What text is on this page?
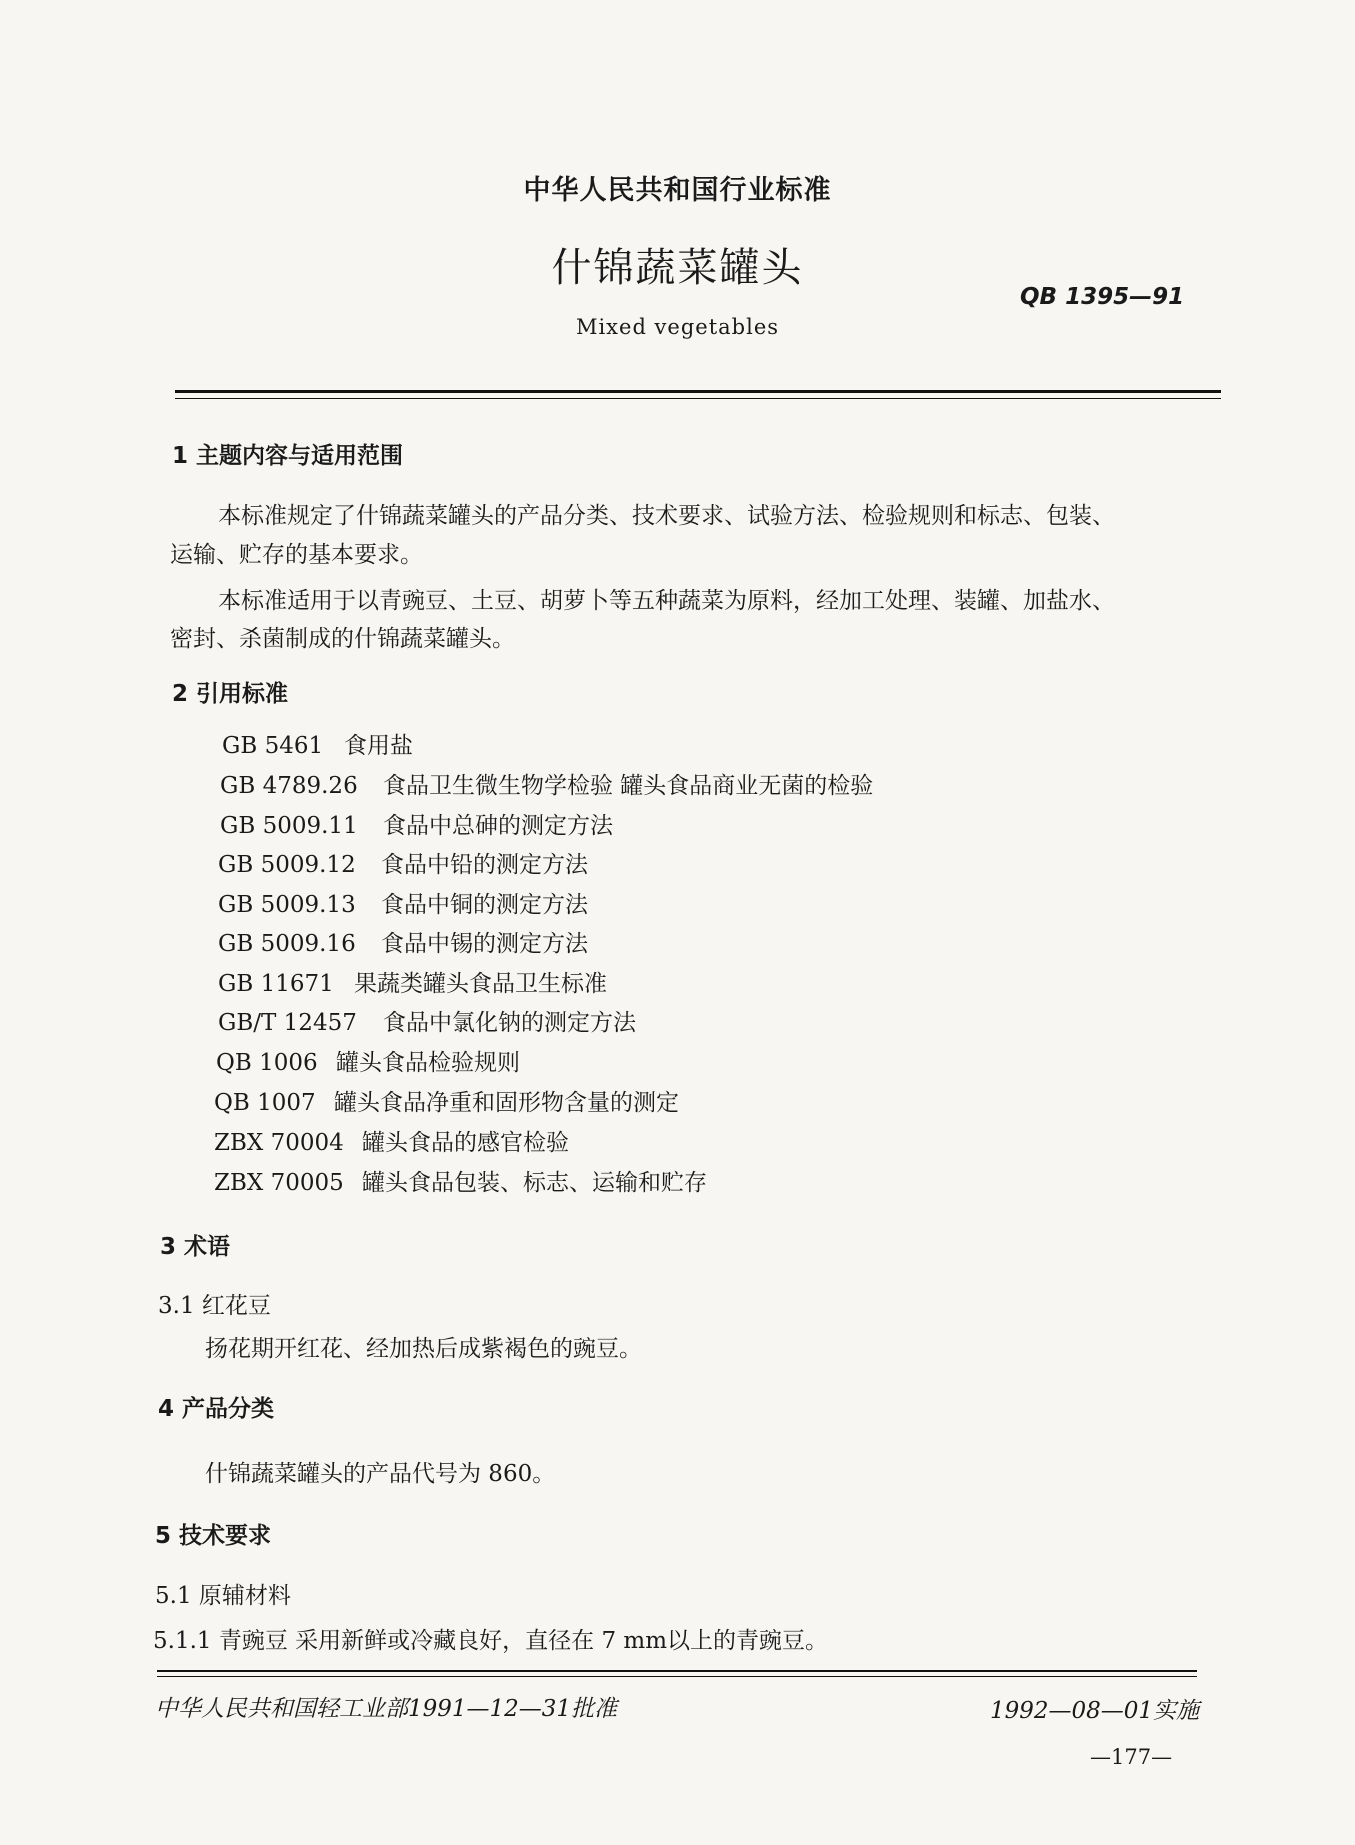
中华人民共和国行业标准
什锦蔬菜罐头
QB 1395—91
Mixed vegetables
1 主题内容与适用范围
本标准规定了什锦蔬菜罐头的产品分类、技术要求、试验方法、检验规则和标志、包装、
运输、贮存的基本要求。
本标准适用于以青豌豆、土豆、胡萝卜等五种蔬菜为原料，经加工处理、装罐、加盐水、
密封、杀菌制成的什锦蔬菜罐头。
2 引用标准
GB 5461 食用盐
GB 4789.26 食品卫生微生物学检验 罐头食品商业无菌的检验
GB 5009.11 食品中总砷的测定方法
GB 5009.12 食品中铅的测定方法
GB 5009.13 食品中铜的测定方法
GB 5009.16 食品中锡的测定方法
GB 11671 果蔬类罐头食品卫生标准
GB/T 12457 食品中氯化钠的测定方法
QB 1006 罐头食品检验规则
QB 1007 罐头食品净重和固形物含量的测定
ZBX 70004 罐头食品的感官检验
ZBX 70005 罐头食品包装、标志、运输和贮存
3 术语
3.1 红花豆
扬花期开红花、经加热后成紫褐色的豌豆。
4 产品分类
什锦蔬菜罐头的产品代号为 860。
5 技术要求
5.1 原辅材料
5.1.1 青豌豆 采用新鲜或冷藏良好，直径在 7 mm以上的青豌豆。
中华人民共和国轻工业部1991—12—31批准	1992—08—01实施
—177—
